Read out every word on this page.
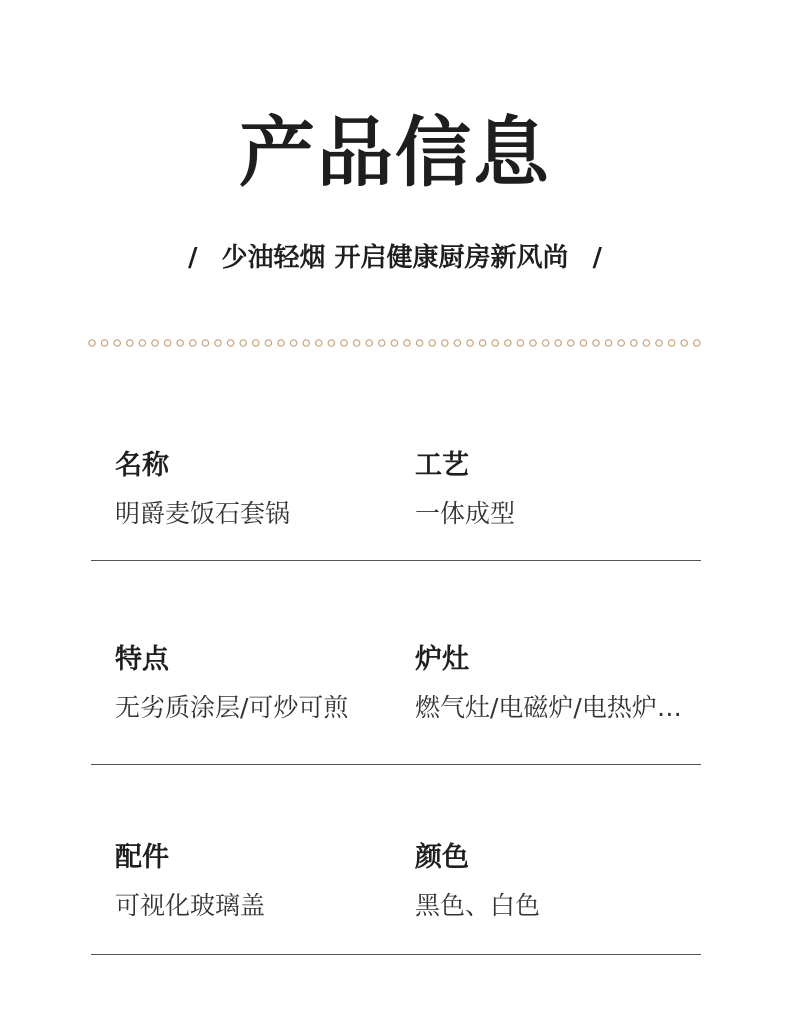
产品信息
/ 少油轻烟 开启健康厨房新风尚 /
名称
明爵麦饭石套锅
工艺
一体成型
特点
无劣质涂层/可炒可煎
炉灶
燃气灶/电磁炉/电热炉…
配件
可视化玻璃盖
颜色
黑色、白色
